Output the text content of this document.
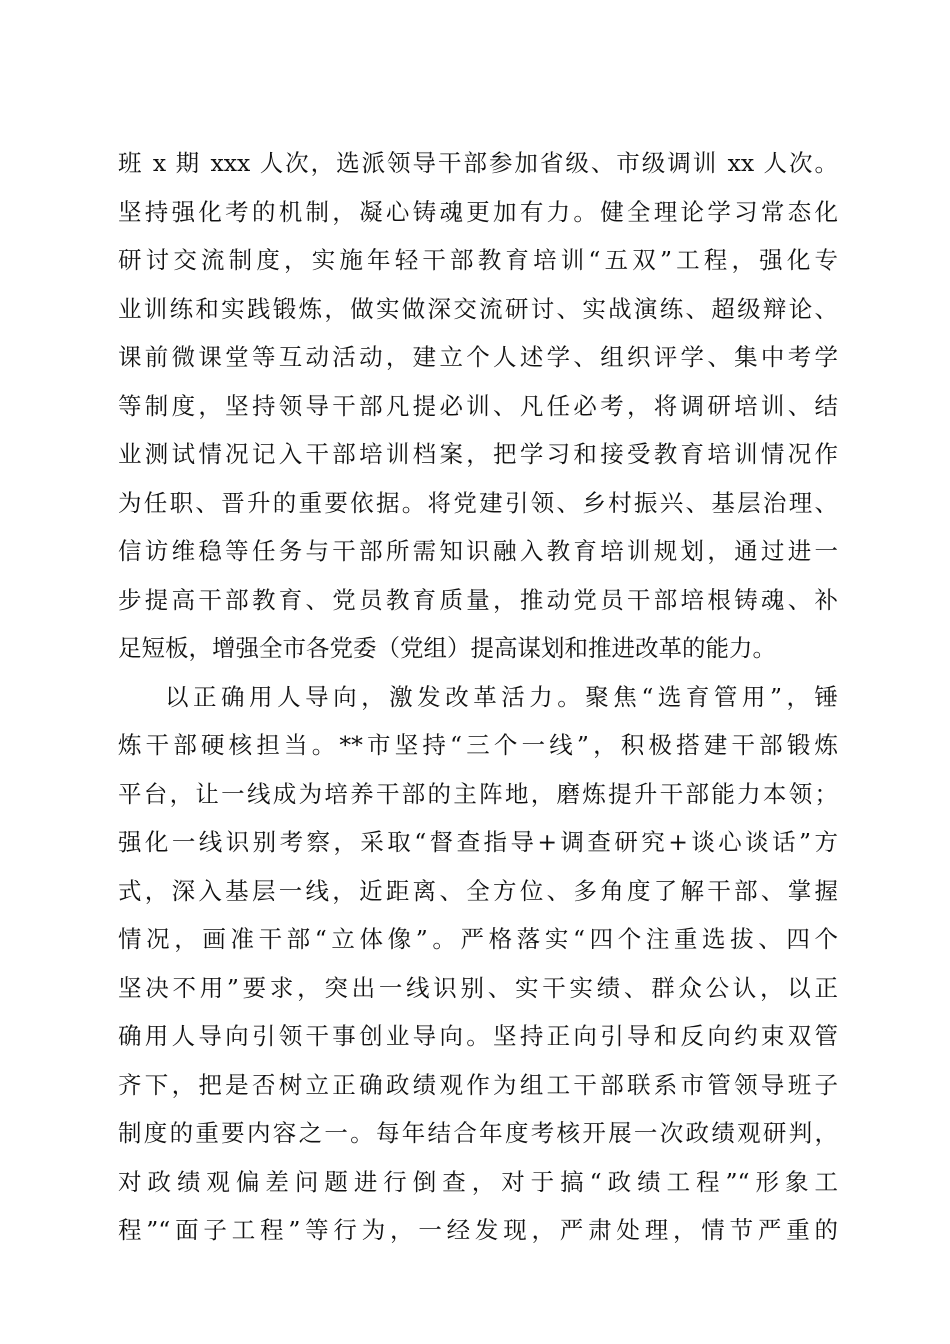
班 x 期 xxx 人次，选派领导干部参加省级、市级调训 xx 人次。
坚持强化考的机制，凝心铸魂更加有力。健全理论学习常态化
研讨交流制度，实施年轻干部教育培训“五双”工程，强化专
业训练和实践锻炼，做实做深交流研讨、实战演练、超级辩论、
课前微课堂等互动活动，建立个人述学、组织评学、集中考学
等制度，坚持领导干部凡提必训、凡任必考，将调研培训、结
业测试情况记入干部培训档案，把学习和接受教育培训情况作
为任职、晋升的重要依据。将党建引领、乡村振兴、基层治理、
信访维稳等任务与干部所需知识融入教育培训规划，通过进一
步提高干部教育、党员教育质量，推动党员干部培根铸魂、补
足短板，增强全市各党委（党组）提高谋划和推进改革的能力。
以正确用人导向，激发改革活力。聚焦“选育管用”，锤
炼干部硬核担当。**市坚持“三个一线”，积极搭建干部锻炼
平台，让一线成为培养干部的主阵地，磨炼提升干部能力本领；
强化一线识别考察，采取“督查指导+调查研究+谈心谈话”方
式，深入基层一线，近距离、全方位、多角度了解干部、掌握
情况，画准干部“立体像”。严格落实“四个注重选拔、四个
坚决不用”要求，突出一线识别、实干实绩、群众公认，以正
确用人导向引领干事创业导向。坚持正向引导和反向约束双管
齐下，把是否树立正确政绩观作为组工干部联系市管领导班子
制度的重要内容之一。每年结合年度考核开展一次政绩观研判，
对政绩观偏差问题进行倒查，对于搞“政绩工程”“形象工
程”“面子工程”等行为，一经发现，严肃处理，情节严重的
